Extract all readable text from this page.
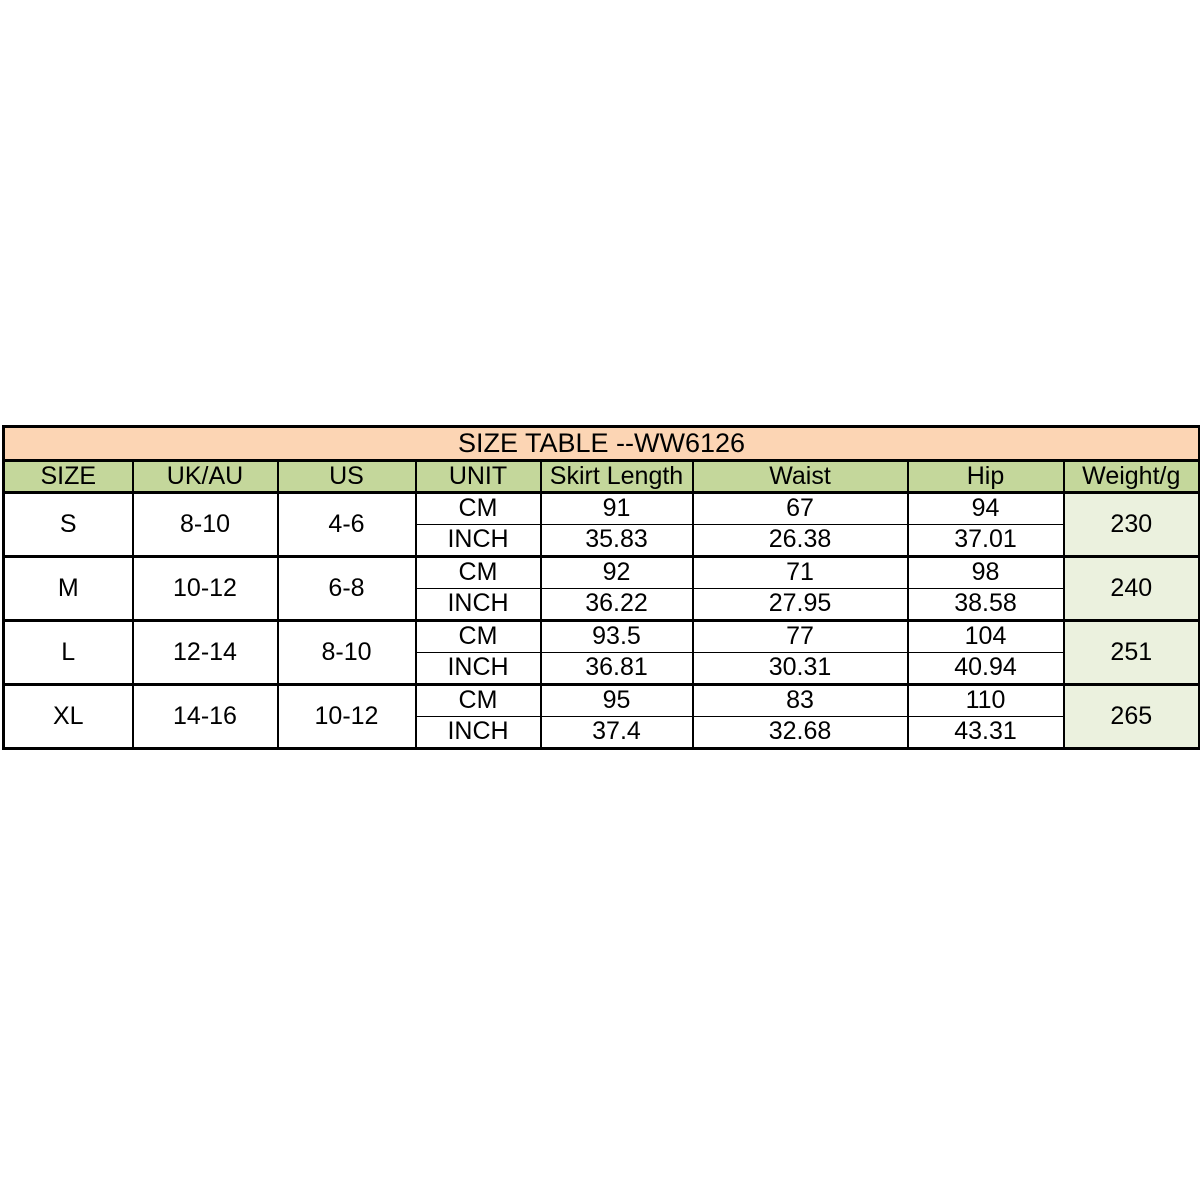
SIZE TABLE --WW6126							
SIZE	UK/AU	US	UNIT	Skirt Length	Waist	Hip	Weight/g
S	8-10	4-6	CM	91	67	94	230
			INCH	35.83	26.38	37.01	
M	10-12	6-8	CM	92	71	98	240
			INCH	36.22	27.95	38.58	
L	12-14	8-10	CM	93.5	77	104	251
			INCH	36.81	30.31	40.94	
XL	14-16	10-12	CM	95	83	110	265
			INCH	37.4	32.68	43.31	
